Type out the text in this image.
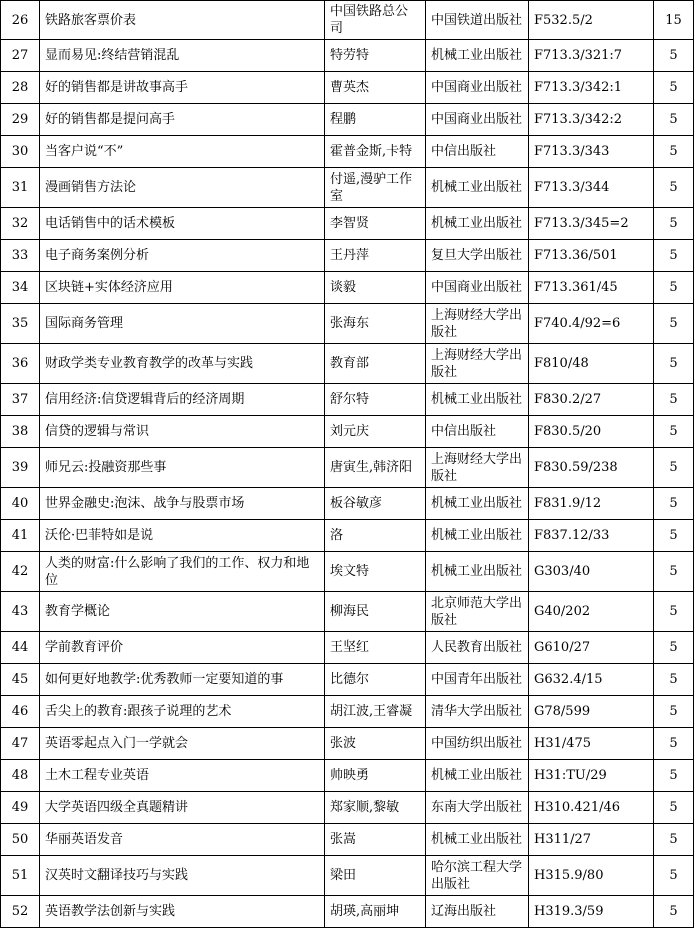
26	铁路旅客票价表	中国铁路总公司	中国铁道出版社	F532.5/2	15
27	显而易见:终结营销混乱	特劳特	机械工业出版社	F713.3/321:7	5
28	好的销售都是讲故事高手	曹英杰	中国商业出版社	F713.3/342:1	5
29	好的销售都是提问高手	程鹏	中国商业出版社	F713.3/342:2	5
30	当客户说“不”	霍普金斯,卡特	中信出版社	F713.3/343	5
31	漫画销售方法论	付遥,漫驴工作室	机械工业出版社	F713.3/344	5
32	电话销售中的话术模板	李智贤	机械工业出版社	F713.3/345=2	5
33	电子商务案例分析	王丹萍	复旦大学出版社	F713.36/501	5
34	区块链+实体经济应用	谈毅	中国商业出版社	F713.361/45	5
35	国际商务管理	张海东	上海财经大学出版社	F740.4/92=6	5
36	财政学类专业教育教学的改革与实践	教育部	上海财经大学出版社	F810/48	5
37	信用经济:信贷逻辑背后的经济周期	舒尔特	机械工业出版社	F830.2/27	5
38	信贷的逻辑与常识	刘元庆	中信出版社	F830.5/20	5
39	师兄云:投融资那些事	唐寅生,韩济阳	上海财经大学出版社	F830.59/238	5
40	世界金融史:泡沫、战争与股票市场	板谷敏彦	机械工业出版社	F831.9/12	5
41	沃伦·巴菲特如是说	洛	机械工业出版社	F837.12/33	5
42	人类的财富:什么影响了我们的工作、权力和地位	埃文特	机械工业出版社	G303/40	5
43	教育学概论	柳海民	北京师范大学出版社	G40/202	5
44	学前教育评价	王坚红	人民教育出版社	G610/27	5
45	如何更好地教学:优秀教师一定要知道的事	比德尔	中国青年出版社	G632.4/15	5
46	舌尖上的教育:跟孩子说理的艺术	胡江波,王睿凝	清华大学出版社	G78/599	5
47	英语零起点入门一学就会	张波	中国纺织出版社	H31/475	5
48	土木工程专业英语	帅映勇	机械工业出版社	H31:TU/29	5
49	大学英语四级全真题精讲	郑家顺,黎敏	东南大学出版社	H310.421/46	5
50	华丽英语发音	张嵩	机械工业出版社	H311/27	5
51	汉英时文翻译技巧与实践	梁田	哈尔滨工程大学出版社	H315.9/80	5
52	英语教学法创新与实践	胡瑛,高丽坤	辽海出版社	H319.3/59	5
